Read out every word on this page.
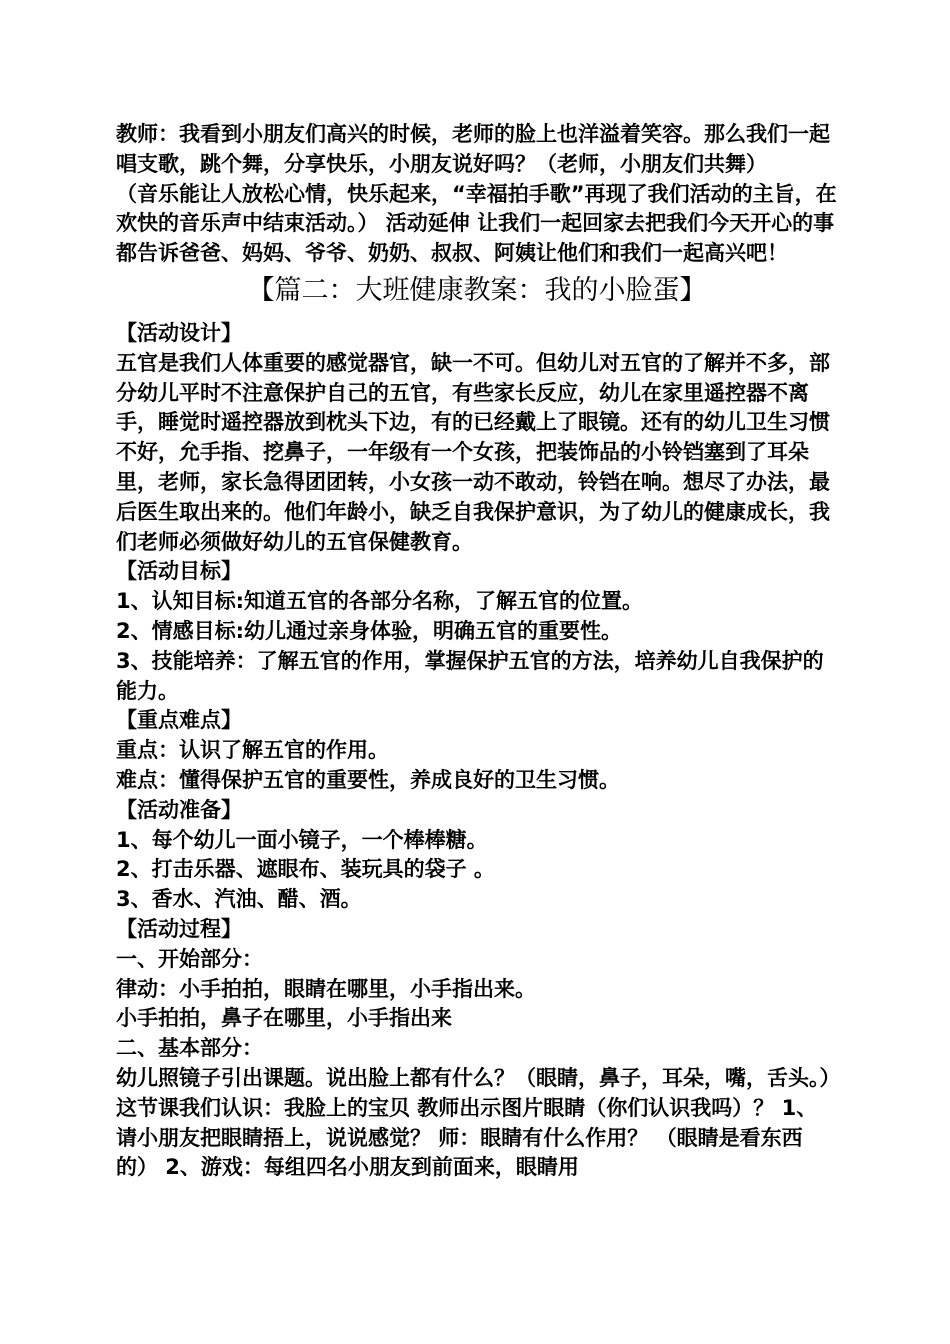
教师：我看到小朋友们高兴的时候，老师的脸上也洋溢着笑容。那么我们一起唱支歌，跳个舞，分享快乐，小朋友说好吗？（老师，小朋友们共舞）

（音乐能让人放松心情，快乐起来，“幸福拍手歌”再现了我们活动的主旨，在欢快的音乐声中结束活动。） 活动延伸 让我们一起回家去把我们今天开心的事都告诉爸爸、妈妈、爷爷、奶奶、叔叔、阿姨让他们和我们一起高兴吧！

【篇二：大班健康教案：我的小脸蛋】

【活动设计】

五官是我们人体重要的感觉器官，缺一不可。但幼儿对五官的了解并不多，部分幼儿平时不注意保护自己的五官，有些家长反应，幼儿在家里遥控器不离手，睡觉时遥控器放到枕头下边，有的已经戴上了眼镜。还有的幼儿卫生习惯不好，允手指、挖鼻子，一年级有一个女孩，把装饰品的小铃铛塞到了耳朵里，老师，家长急得团团转，小女孩一动不敢动，铃铛在响。想尽了办法，最后医生取出来的。他们年龄小，缺乏自我保护意识，为了幼儿的健康成长，我们老师必须做好幼儿的五官保健教育。

【活动目标】

1、认知目标:知道五官的各部分名称，了解五官的位置。

2、情感目标:幼儿通过亲身体验，明确五官的重要性。

3、技能培养：了解五官的作用，掌握保护五官的方法，培养幼儿自我保护的能力。

【重点难点】

重点：认识了解五官的作用。

难点：懂得保护五官的重要性，养成良好的卫生习惯。

【活动准备】

1、每个幼儿一面小镜子，一个棒棒糖。

2、打击乐器、遮眼布、装玩具的袋子 。

3、香水、汽油、醋、酒。

【活动过程】

一、开始部分：

律动：小手拍拍，眼睛在哪里，小手指出来。

小手拍拍，鼻子在哪里，小手指出来

二、基本部分：

幼儿照镜子引出课题。说出脸上都有什么？（眼睛，鼻子，耳朵，嘴，舌头。）

这节课我们认识：我脸上的宝贝 教师出示图片眼睛（你们认识我吗）？ 1、请小朋友把眼睛捂上，说说感觉？ 师：眼睛有什么作用？ （眼睛是看东西的） 2、游戏：每组四名小朋友到前面来，眼睛用
